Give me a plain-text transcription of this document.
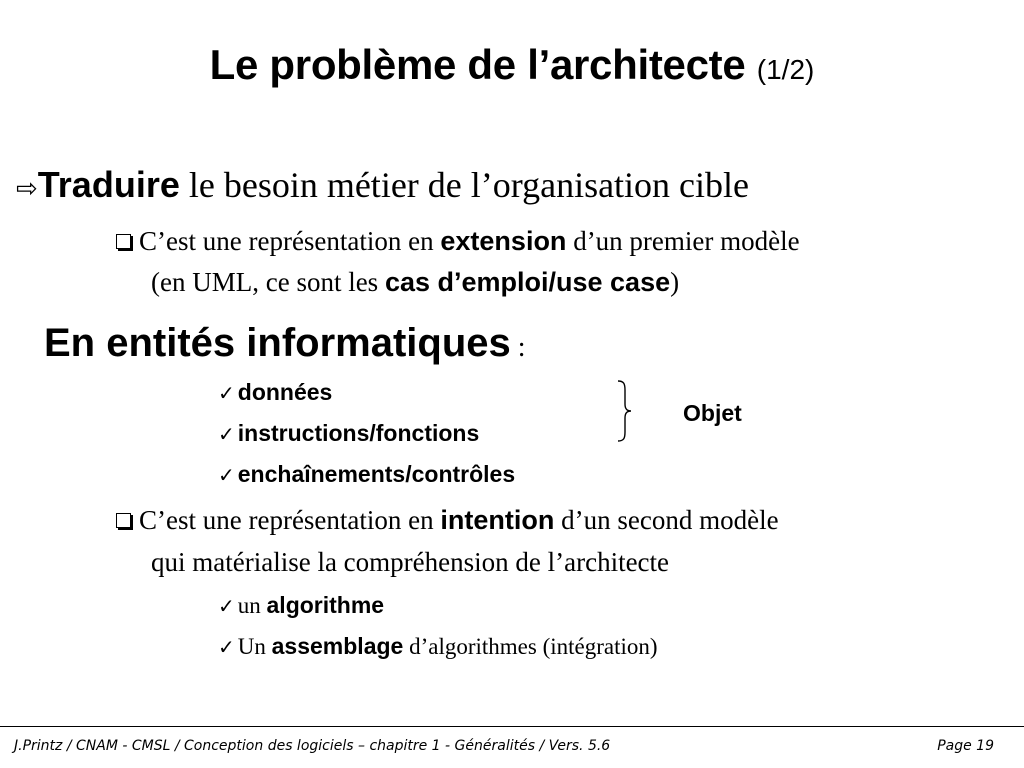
Le problème de l’architecte (1/2)
⇨Traduire le besoin métier de l’organisation cible
C’est une représentation en extension d’un premier modèle
(en UML, ce sont les cas d’emploi/use case)
En entités informatiques :
✓ données
✓ instructions/fonctions
✓ enchaînements/contrôles
Objet
C’est une représentation en intention d’un second modèle
qui matérialise la compréhension de l’architecte
✓ un algorithme
✓ Un assemblage d’algorithmes (intégration)
J.Printz / CNAM - CMSL / Conception des logiciels – chapitre 1 - Généralités / Vers. 5.6	Page 19
